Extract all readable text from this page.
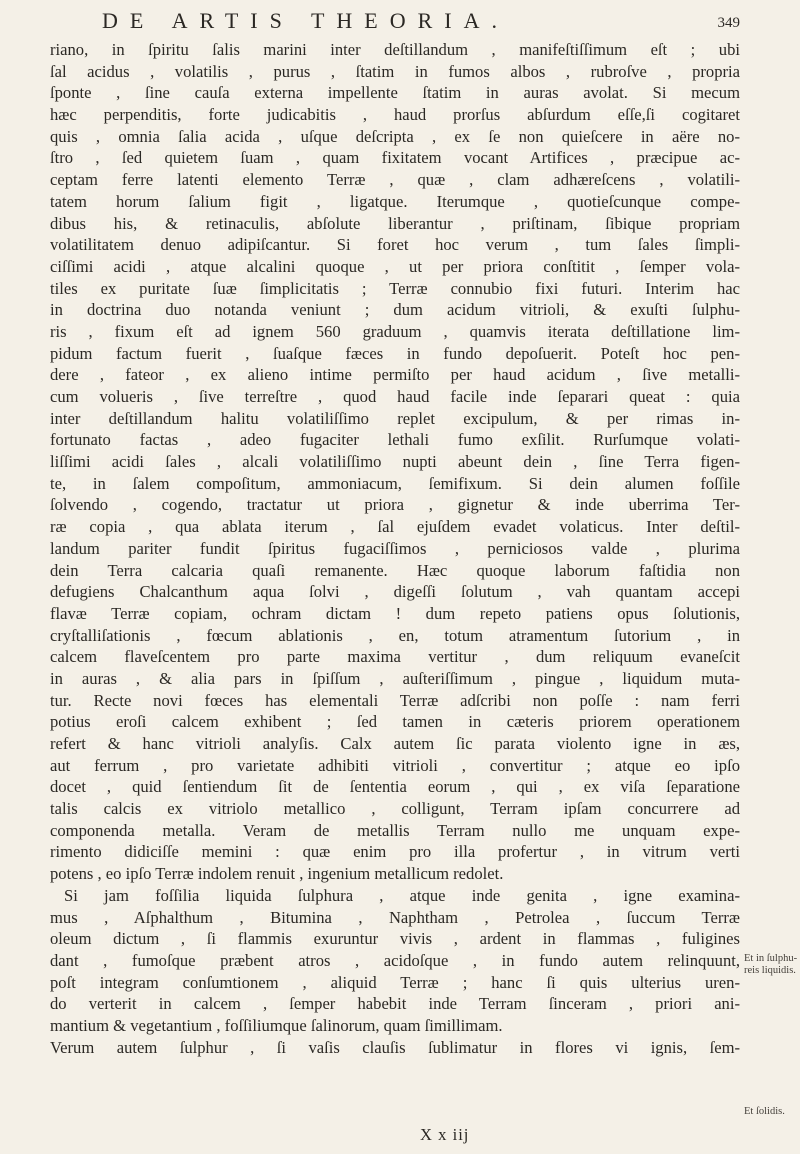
DE ARTIS THEORIA.	349
riano, in ſpiritu ſalis marini inter deſtillandum , manifeſtiſſimum eſt ; ubi
ſal acidus , volatilis , purus , ſtatim in fumos albos , rubroſve , propria
ſponte , ſine cauſa externa impellente ſtatim in auras avolat. Si mecum
hæc perpenditis, forte judicabitis , haud prorſus abſurdum eſſe,ſi cogitaret
quis , omnia ſalia acida , uſque deſcripta , ex ſe non quieſcere in aëre no-
ſtro , ſed quietem ſuam , quam fixitatem vocant Artifices , præcipue ac-
ceptam ferre latenti elemento Terræ , quæ , clam adhæreſcens , volatili-
tatem horum ſalium figit , ligatque. Iterumque , quotieſcunque compe-
dibus his, & retinaculis, abſolute liberantur , priſtinam, ſibique propriam
volatilitatem denuo adipiſcantur. Si foret hoc verum , tum ſales ſimpli-
ciſſimi acidi , atque alcalini quoque , ut per priora conſtitit , ſemper vola-
tiles ex puritate ſuæ ſimplicitatis ; Terræ connubio fixi futuri. Interim hac
in doctrina duo notanda veniunt ; dum acidum vitrioli, & exuſti ſulphu-
ris , fixum eſt ad ignem 560 graduum , quamvis iterata deſtillatione lim-
pidum factum fuerit , ſuaſque fæces in fundo depoſuerit. Poteſt hoc pen-
dere , fateor , ex alieno intime permiſto per haud acidum , ſive metalli-
cum volueris , ſive terreſtre , quod haud facile inde ſeparari queat : quia
inter deſtillandum halitu volatiliſſimo replet excipulum, & per rimas in-
fortunato factas , adeo fugaciter lethali fumo exſilit. Rurſumque volati-
liſſimi acidi ſales , alcali volatiliſſimo nupti abeunt dein , ſine Terra figen-
te, in ſalem compoſitum, ammoniacum, ſemifixum. Si dein alumen foſſile
ſolvendo , cogendo, tractatur ut priora , gignetur & inde uberrima Ter-
ræ copia , qua ablata iterum , ſal ejuſdem evadet volaticus. Inter deſtil-
landum pariter fundit ſpiritus fugaciſſimos , perniciosos valde , plurima
dein Terra calcaria quaſi remanente. Hæc quoque laborum faſtidia non
defugiens Chalcanthum aqua ſolvi , digeſſi ſolutum , vah quantam accepi
flavæ Terræ copiam, ochram dictam ! dum repeto patiens opus ſolutionis,
cryſtalliſationis , fœcum ablationis , en, totum atramentum ſutorium , in
calcem flaveſcentem pro parte maxima vertitur , dum reliquum evaneſcit
in auras , & alia pars in ſpiſſum , auſteriſſimum , pingue , liquidum muta-
tur. Recte novi fœces has elementali Terræ adſcribi non poſſe : nam ferri
potius eroſi calcem exhibent ; ſed tamen in cæteris priorem operationem
refert & hanc vitrioli analyſis. Calx autem ſic parata violento igne in æs,
aut ferrum , pro varietate adhibiti vitrioli , convertitur ; atque eo ipſo
docet , quid ſentiendum ſit de ſententia eorum , qui , ex viſa ſeparatione
talis calcis ex vitriolo metallico , colligunt, Terram ipſam concurrere ad
componenda metalla. Veram de metallis Terram nullo me unquam expe-
rimento didiciſſe memini : quæ enim pro illa profertur , in vitrum verti
potens , eo ipſo Terræ indolem renuit , ingenium metallicum redolet.
Si jam foſſilia liquida ſulphura , atque inde genita , igne examina-
mus , Aſphalthum , Bitumina , Naphtham , Petrolea , ſuccum Terræ
oleum dictum , ſi flammis exuruntur vivis , ardent in flammas , fuligines
dant , fumoſque præbent atros , acidoſque , in fundo autem relinquunt,
poſt integram conſumtionem , aliquid Terræ ; hanc ſi quis ulterius uren-
do verterit in calcem , ſemper habebit inde Terram ſinceram , priori ani-
mantium & vegetantium , foſſiliumque ſalinorum, quam ſimillimam.
Verum autem ſulphur , ſi vaſis clauſis ſublimatur in flores vi ignis, ſem-
Et in ſulphu-reis liquidis.
Et ſolidis.
X x iij
